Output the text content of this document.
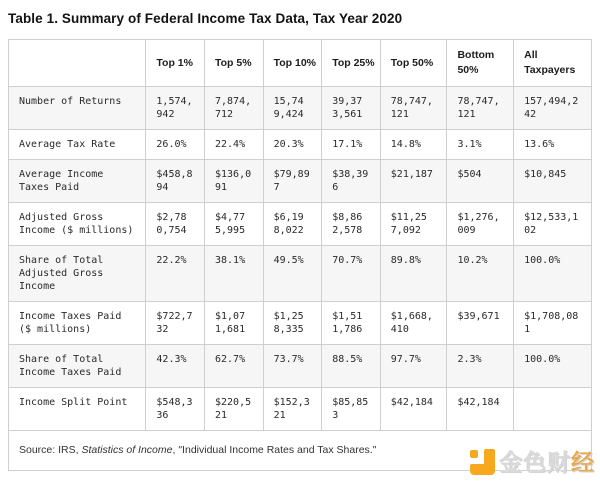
Table 1. Summary of Federal Income Tax Data, Tax Year 2020
	Top 1%	Top 5%	Top 10%	Top 25%	Top 50%	Bottom 50%	All Taxpayers
Number of Returns	1,574,942	7,874,712	15,749,424	39,373,561	78,747,121	78,747,121	157,494,242
Average Tax Rate	26.0%	22.4%	20.3%	17.1%	14.8%	3.1%	13.6%
Average Income Taxes Paid	$458,894	$136,091	$79,897	$38,396	$21,187	$504	$10,845
Adjusted Gross Income ($ millions)	$2,780,754	$4,775,995	$6,198,022	$8,862,578	$11,257,092	$1,276,009	$12,533,102
Share of Total Adjusted Gross Income	22.2%	38.1%	49.5%	70.7%	89.8%	10.2%	100.0%
Income Taxes Paid ($ millions)	$722,732	$1,071,681	$1,258,335	$1,511,786	$1,668,410	$39,671	$1,708,081
Share of Total Income Taxes Paid	42.3%	62.7%	73.7%	88.5%	97.7%	2.3%	100.0%
Income Split Point	$548,336	$220,521	$152,321	$85,853	$42,184	$42,184	
Source: IRS, Statistics of Income, "Individual Income Rates and Tax Shares."								金色财经
